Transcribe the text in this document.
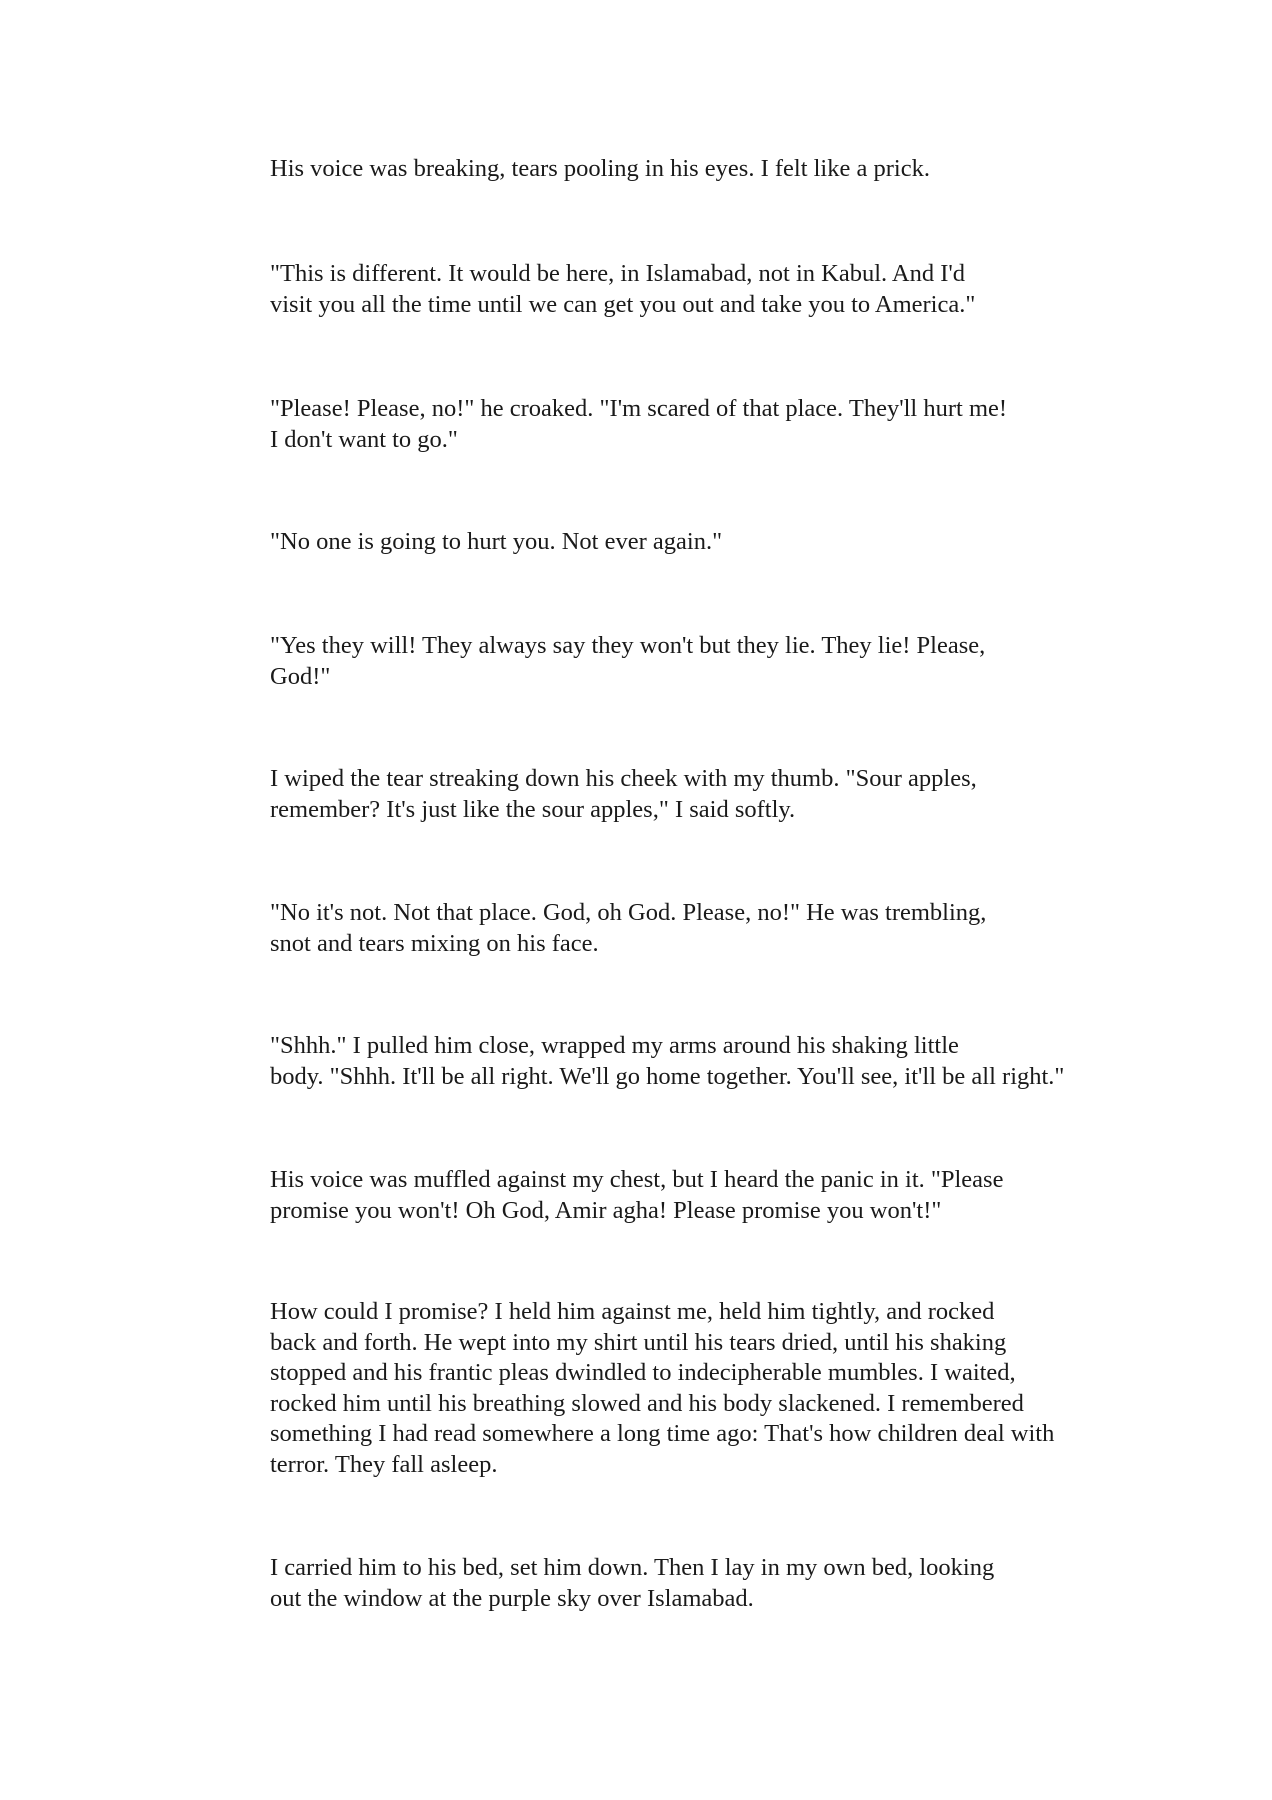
His voice was breaking, tears pooling in his eyes. I felt like a prick.

"This is different. It would be here, in Islamabad, not in Kabul. And I'd
visit you all the time until we can get you out and take you to America."

"Please! Please, no!" he croaked. "I'm scared of that place. They'll hurt me!
I don't want to go."

"No one is going to hurt you. Not ever again."

"Yes they will! They always say they won't but they lie. They lie! Please,
God!"

I wiped the tear streaking down his cheek with my thumb. "Sour apples,
remember? It's just like the sour apples," I said softly.

"No it's not. Not that place. God, oh God. Please, no!" He was trembling,
snot and tears mixing on his face.

"Shhh." I pulled him close, wrapped my arms around his shaking little
body. "Shhh. It'll be all right. We'll go home together. You'll see, it'll be all right."

His voice was muffled against my chest, but I heard the panic in it. "Please
promise you won't! Oh God, Amir agha! Please promise you won't!"

How could I promise? I held him against me, held him tightly, and rocked
back and forth. He wept into my shirt until his tears dried, until his shaking
stopped and his frantic pleas dwindled to indecipherable mumbles. I waited,
rocked him until his breathing slowed and his body slackened. I remembered
something I had read somewhere a long time ago: That's how children deal with
terror. They fall asleep.

I carried him to his bed, set him down. Then I lay in my own bed, looking
out the window at the purple sky over Islamabad.
